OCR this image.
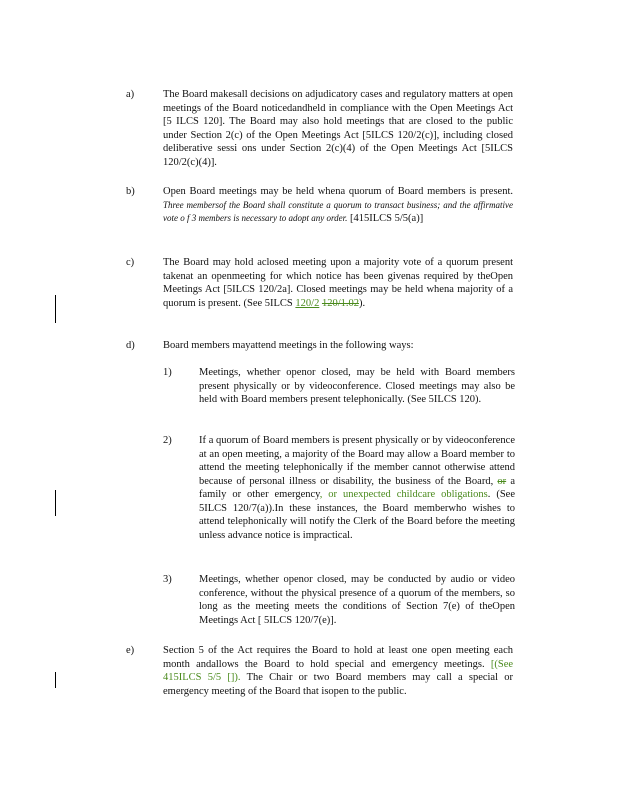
a)	The Board makesall decisions on adjudicatory cases and regulatory matters at open meetings of the Board noticedandheld in compliance with the Open Meetings Act [5 ILCS 120]. The Board may also hold meetings that are closed to the public under Section 2(c) of the Open Meetings Act [5ILCS 120/2(c)], including closed deliberative sessi ons under Section 2(c)(4) of the Open Meetings Act [5ILCS 120/2(c)(4)].
b)	Open Board meetings may be held whena quorum of Board members is present. Three membersof the Board shall constitute a quorum to transact business; and the affirmative vote o f 3 members is necessary to adopt any order. [415ILCS 5/5(a)]
c)	The Board may hold aclosed meeting upon a majority vote of a quorum present takenat an openmeeting for which notice has been givenas required by theOpen Meetings Act [5ILCS 120/2a]. Closed meetings may be held whena majority of a quorum is present. (See 5ILCS 120/2 120/1.02).
d)	Board members mayattend meetings in the following ways:
1)	Meetings, whether openor closed, may be held with Board members present physically or by videoconference. Closed meetings may also be held with Board members present telephonically. (See 5ILCS 120).
2)	If a quorum of Board members is present physically or by videoconference at an open meeting, a majority of the Board may allow a Board member to attend the meeting telephonically if the member cannot otherwise attend because of personal illness or disability, the business of the Board, or a family or other emergency, or unexpected childcare obligations. (See 5ILCS 120/7(a)).In these instances, the Board memberwho wishes to attend telephonically will notify the Clerk of the Board before the meeting unless advance notice is impractical.
3)	Meetings, whether openor closed, may be conducted by audio or video conference, without the physical presence of a quorum of the members, so long as the meeting meets the conditions of Section 7(e) of theOpen Meetings Act [ 5ILCS 120/7(e)].
e)	Section 5 of the Act requires the Board to hold at least one open meeting each month andallows the Board to hold special and emergency meetings. [(See 415ILCS 5/5 []). The Chair or two Board members may call a special or emergency meeting of the Board that isopen to the public.
